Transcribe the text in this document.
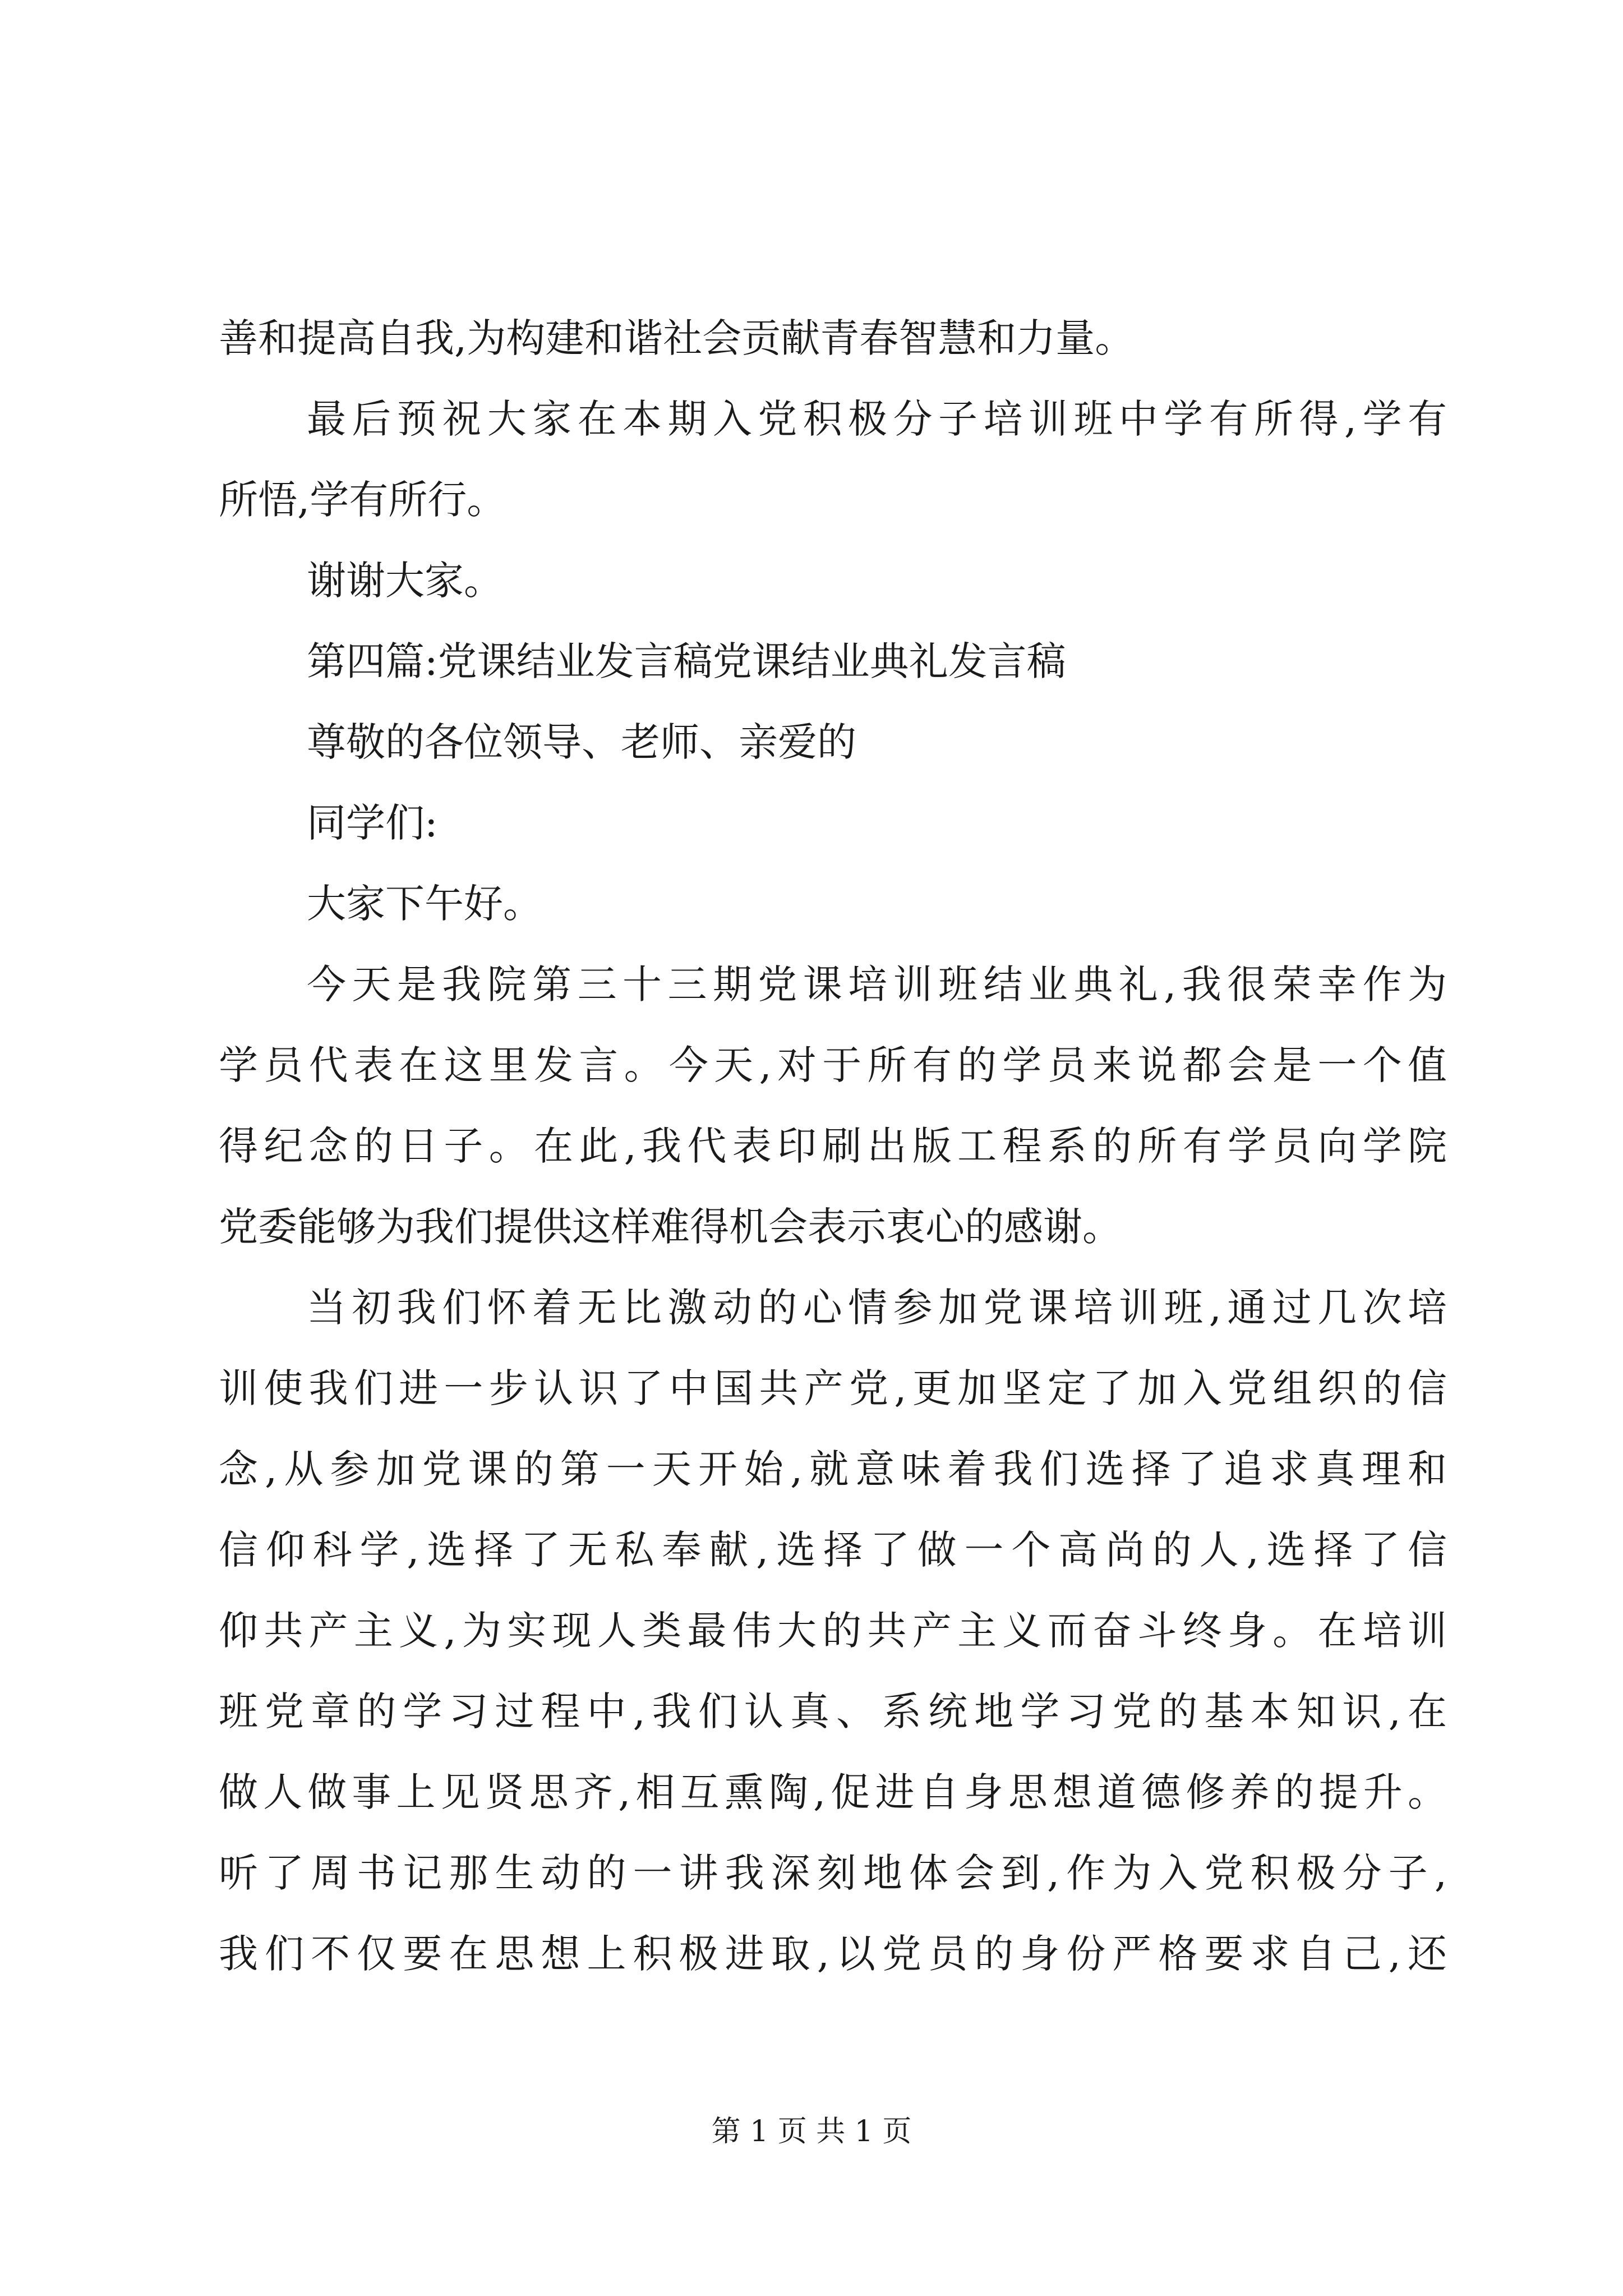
善和提高自我,为构建和谐社会贡献青春智慧和力量。
最后预祝大家在本期入党积极分子培训班中学有所得,学有
所悟,学有所行。
谢谢大家。
第四篇:党课结业发言稿党课结业典礼发言稿
尊敬的各位领导、老师、亲爱的
同学们:
大家下午好。
今天是我院第三十三期党课培训班结业典礼,我很荣幸作为
学员代表在这里发言。今天,对于所有的学员来说都会是一个值
得纪念的日子。在此,我代表印刷出版工程系的所有学员向学院
党委能够为我们提供这样难得机会表示衷心的感谢。
当初我们怀着无比激动的心情参加党课培训班,通过几次培
训使我们进一步认识了中国共产党,更加坚定了加入党组织的信
念,从参加党课的第一天开始,就意味着我们选择了追求真理和
信仰科学,选择了无私奉献,选择了做一个高尚的人,选择了信
仰共产主义,为实现人类最伟大的共产主义而奋斗终身。在培训
班党章的学习过程中,我们认真、系统地学习党的基本知识,在
做人做事上见贤思齐,相互熏陶,促进自身思想道德修养的提升。
听了周书记那生动的一讲我深刻地体会到,作为入党积极分子,
我们不仅要在思想上积极进取,以党员的身份严格要求自己,还
第 1 页 共 1 页
